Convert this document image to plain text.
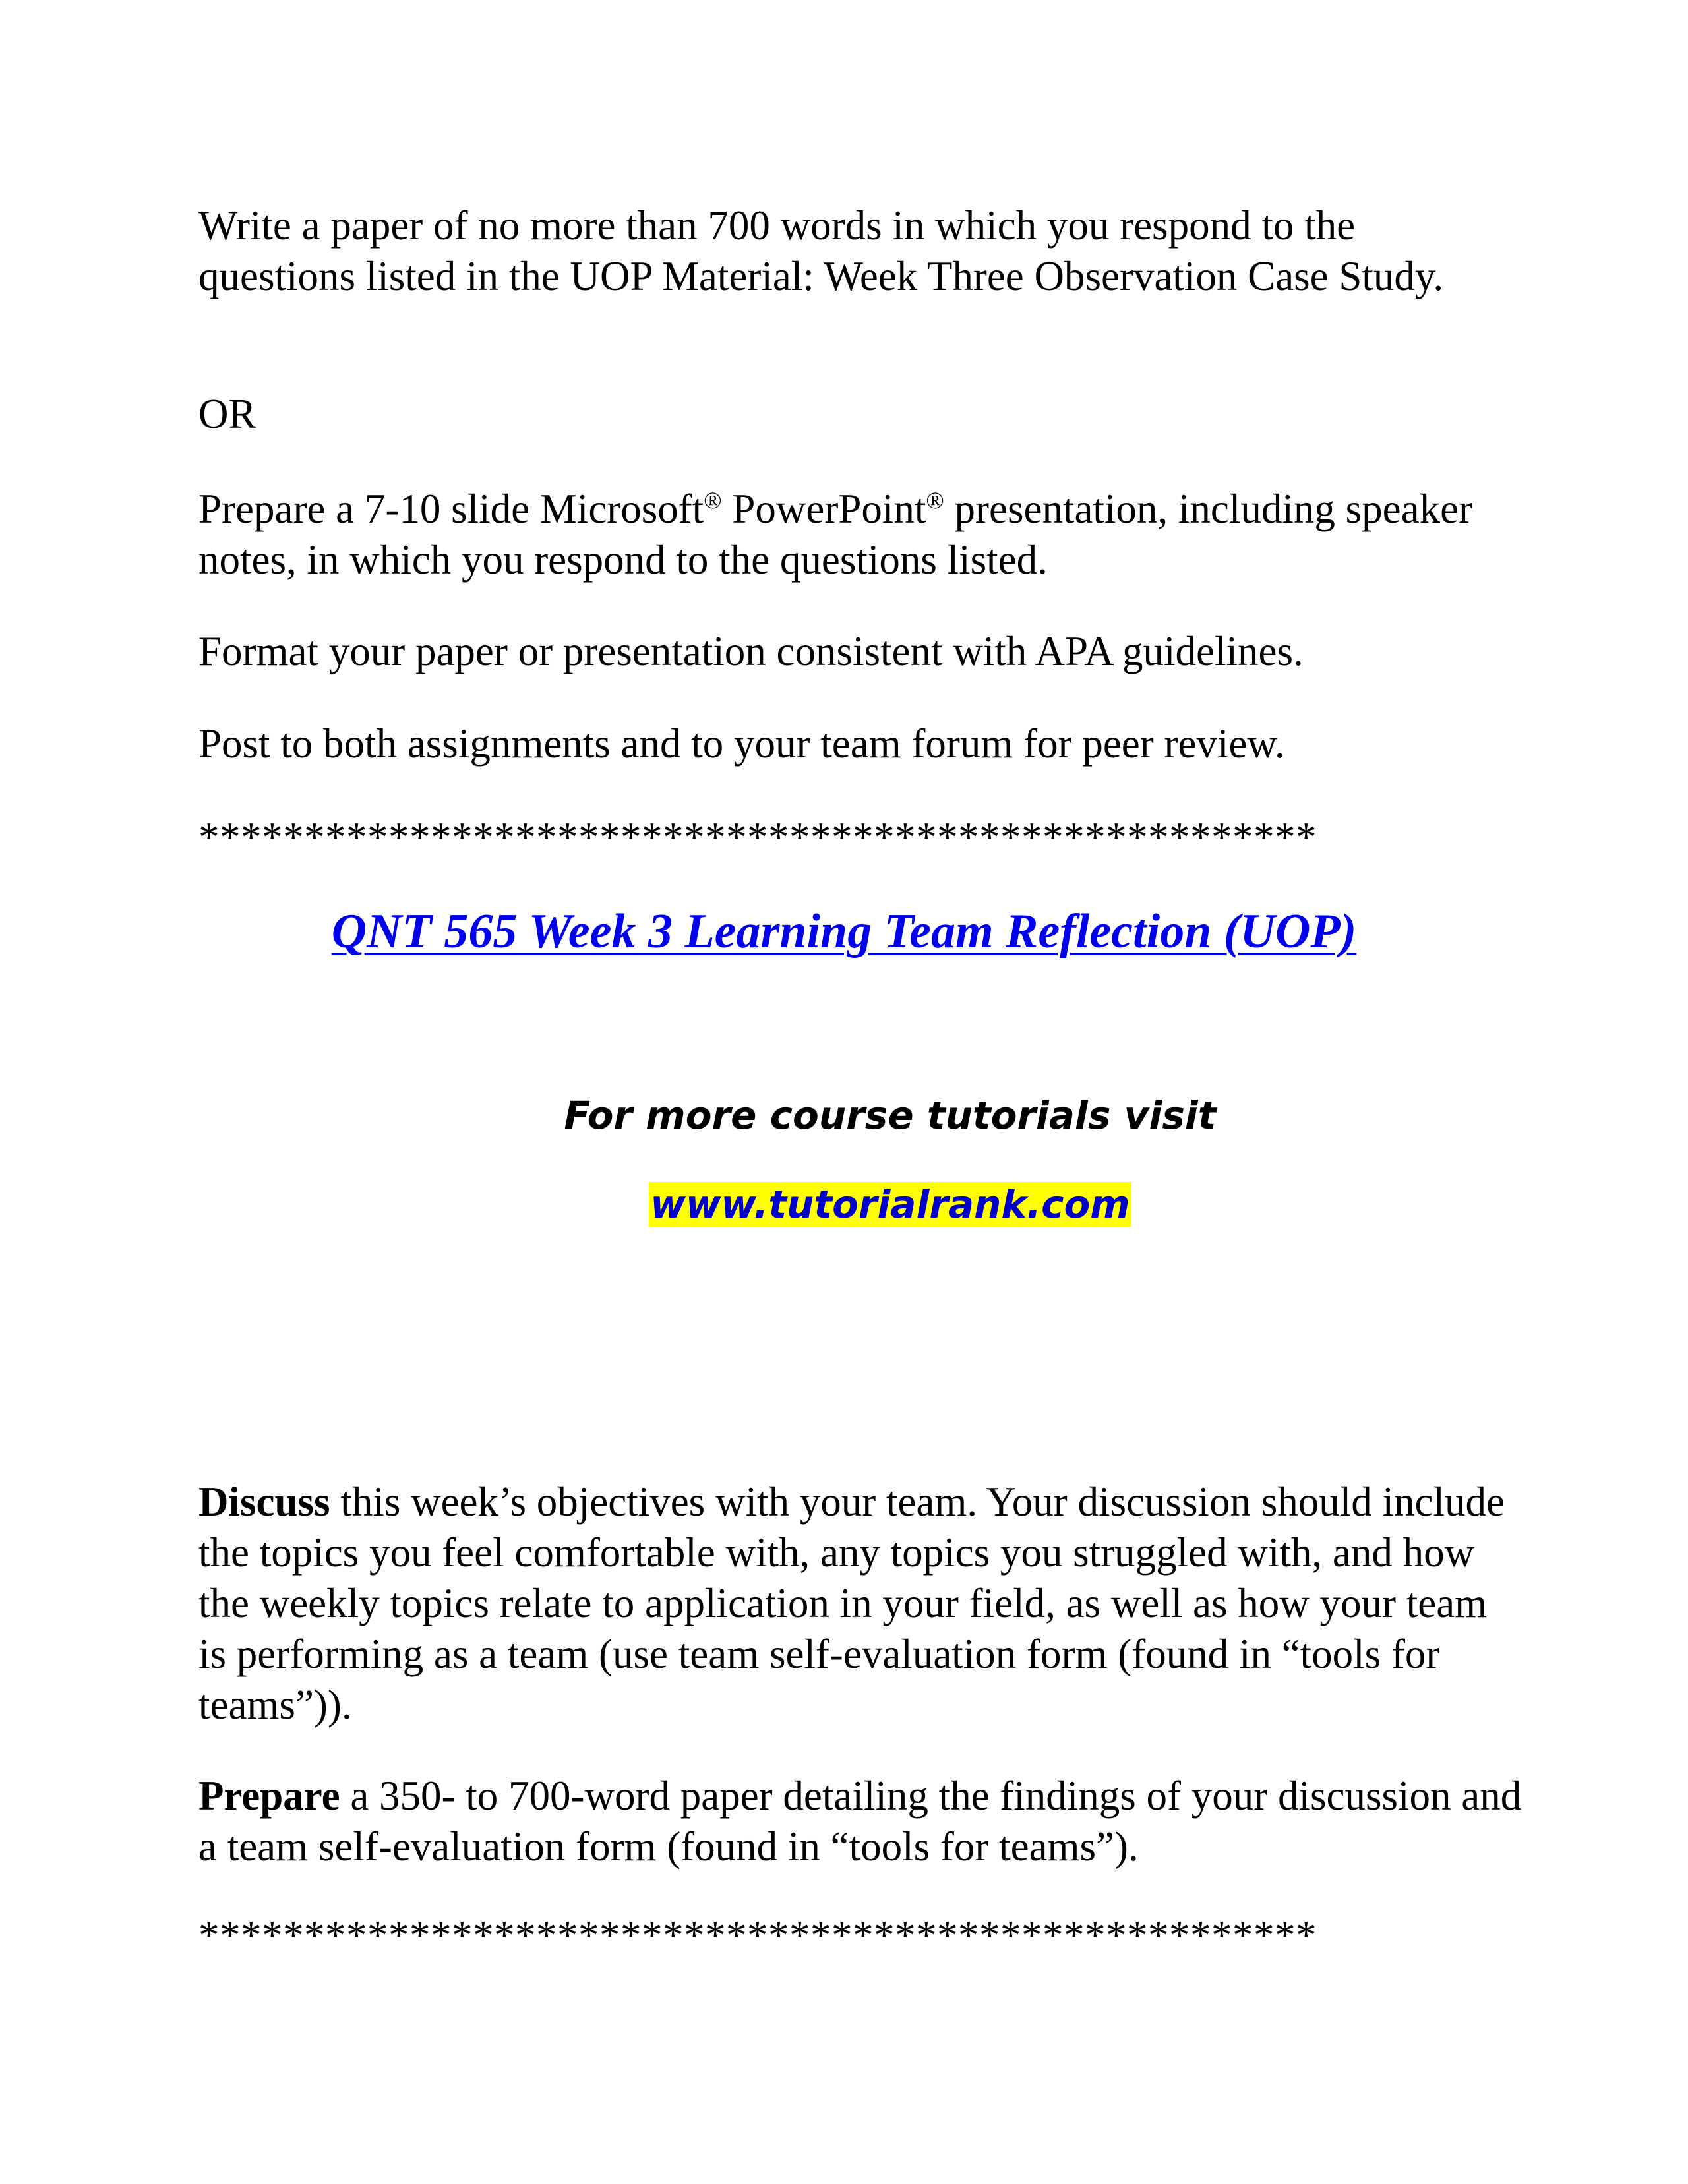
Write a paper of no more than 700 words in which you respond to the questions listed in the UOP Material: Week Three Observation Case Study.

OR

Prepare a 7-10 slide Microsoft® PowerPoint® presentation, including speaker notes, in which you respond to the questions listed.

Format your paper or presentation consistent with APA guidelines.

Post to both assignments and to your team forum for peer review.

*****************************************************

QNT 565 Week 3 Learning Team Reflection (UOP)

For more course tutorials visit

www.tutorialrank.com

Discuss this week’s objectives with your team. Your discussion should include the topics you feel comfortable with, any topics you struggled with, and how the weekly topics relate to application in your field, as well as how your team is performing as a team (use team self-evaluation form (found in “tools for teams”)).

Prepare a 350- to 700-word paper detailing the findings of your discussion and a team self-evaluation form (found in “tools for teams”).

*****************************************************
